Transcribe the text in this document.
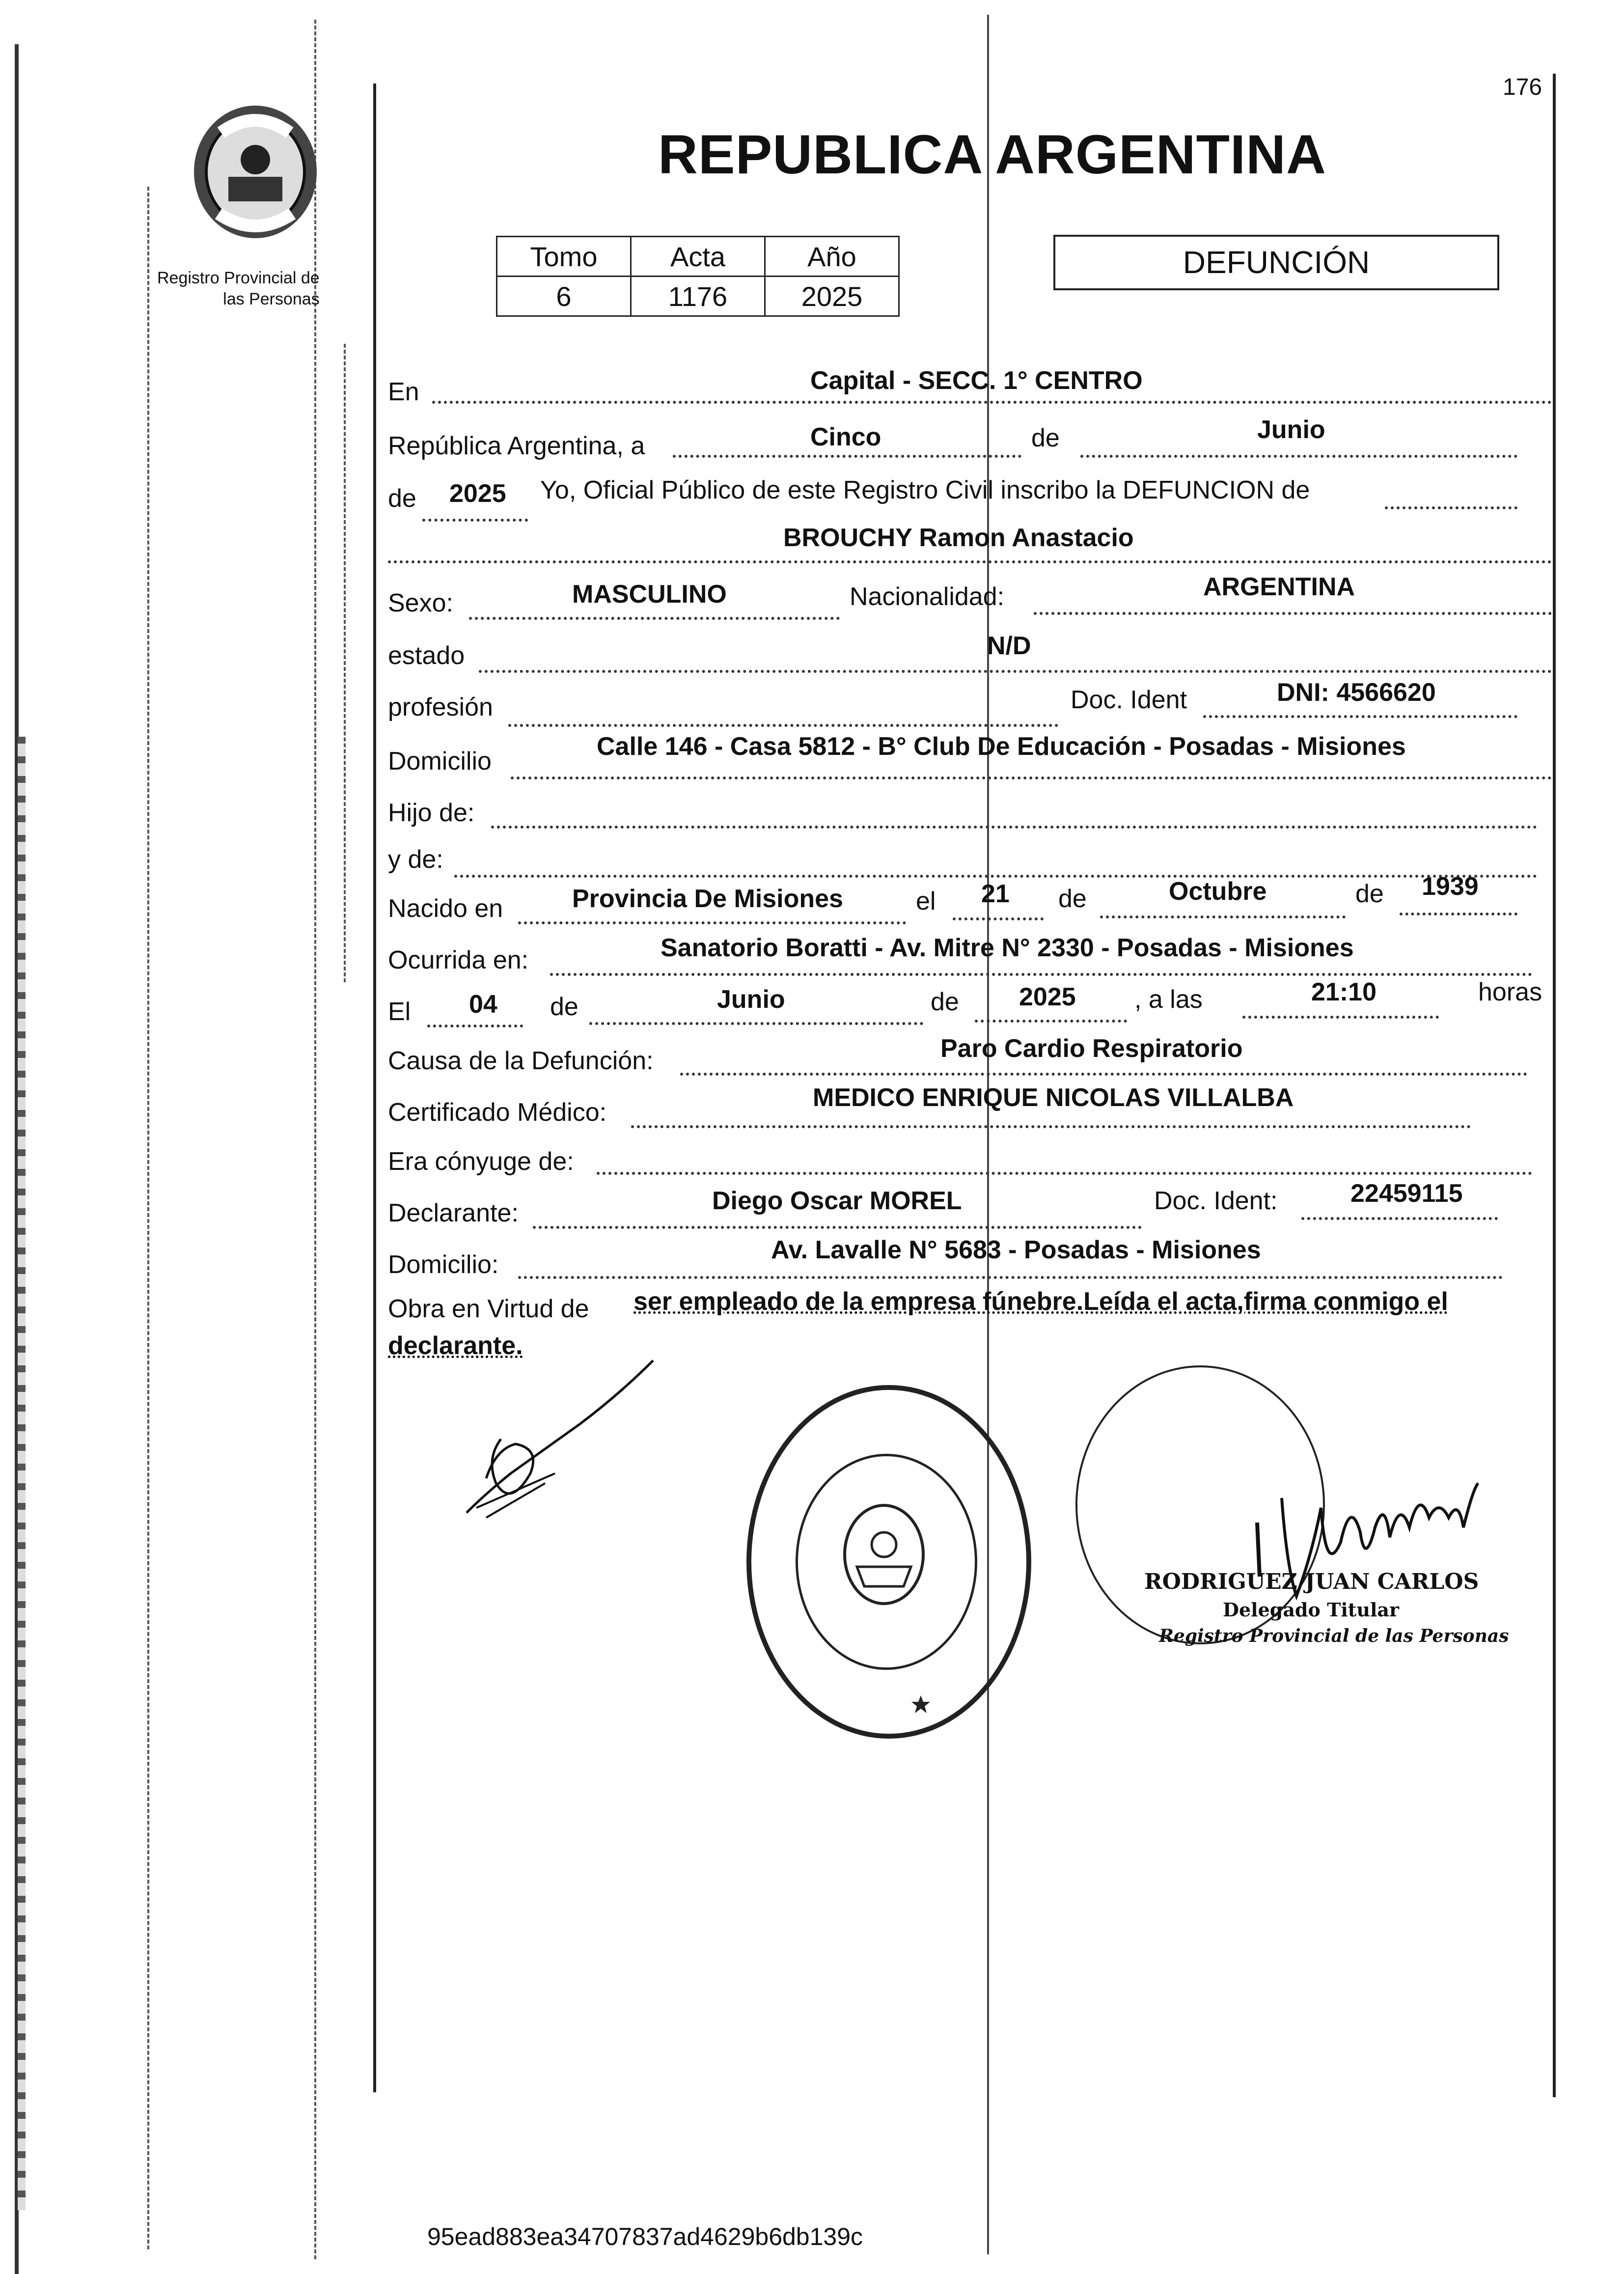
176
REPUBLICA ARGENTINA
Registro Provincial de
las Personas
Tomo	Acta	Año
6	1176	2025
DEFUNCIÓN
En	Capital - SECC. 1° CENTRO
República Argentina, a	Cinco	de	Junio
de 2025 Yo, Oficial Público de este Registro Civil inscribo la DEFUNCION de
BROUCHY Ramon Anastacio
Sexo:	MASCULINO	Nacionalidad:	ARGENTINA
estado	N/D
profesión	Doc. Ident	DNI: 4566620
Domicilio
Calle 146 - Casa 5812 - B° Club De Educación - Posadas - Misiones
Hijo de:
y de:
Nacido en	Provincia De Misiones	el 21 de	Octubre	de 1939
Ocurrida en:	Sanatorio Boratti - Av. Mitre N° 2330 - Posadas - Misiones
El 04 de	Junio	de 2025 , a las	21:10	horas
Causa de la Defunción:	Paro Cardio Respiratorio
Certificado Médico:
MEDICO ENRIQUE NICOLAS VILLALBA
Era cónyuge de:
Declarante:	Diego Oscar MOREL	Doc. Ident:	22459115
Domicilio:
Av. Lavalle N° 5683 - Posadas - Misiones
Obra en Virtud de ser empleado de la empresa fúnebre.Leída el acta,firma conmigo el
declarante.
RODRIGUEZ JUAN CARLOS
Delegado Titular
Registro Provincial de las Personas
95ead883ea34707837ad4629b6db139c
